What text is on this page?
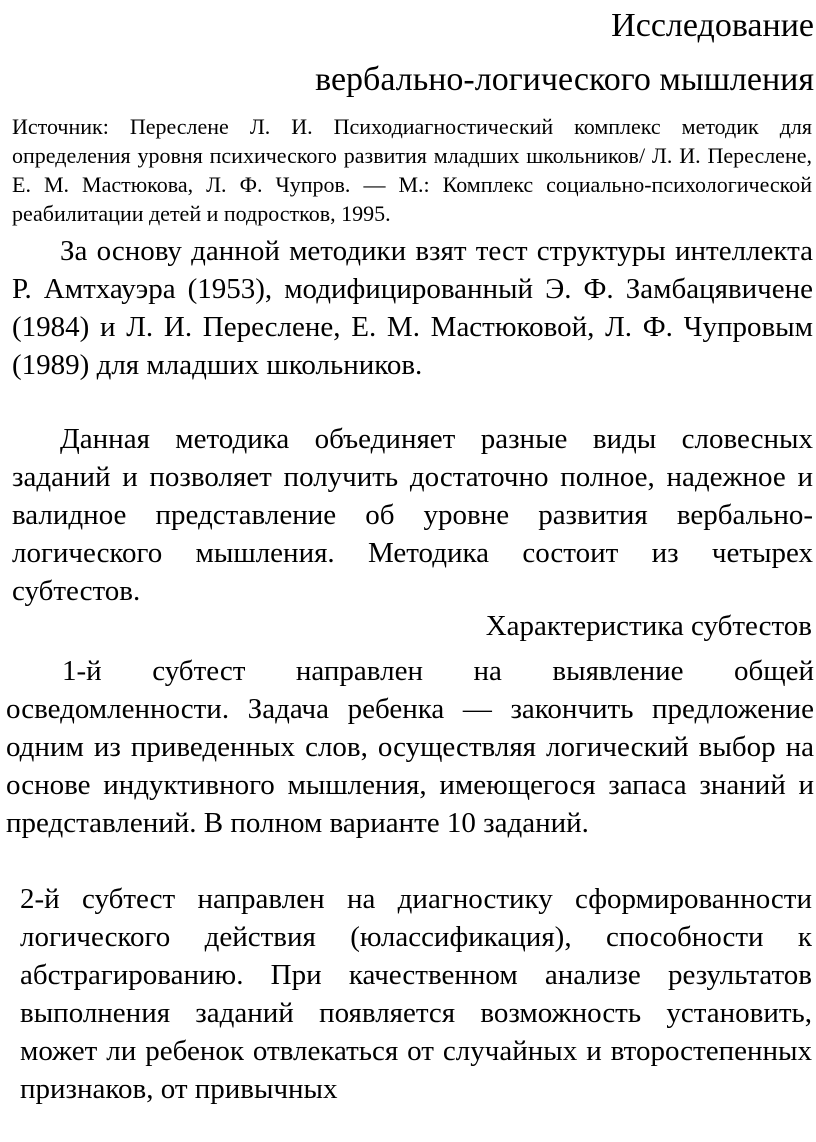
Исследование
вербально-логического мышления

Источник: Переслене Л. И. Психодиагностический комплекс методик для определения уровня психического развития младших школьников/ Л. И. Переслене, Е. М. Мастюкова, Л. Ф. Чупров. — М.: Комплекс социально-психологической реабилитации детей и подростков, 1995.

За основу данной методики взят тест структуры интеллекта Р. Амтхауэра (1953), модифицированный Э. Ф. Замбацявичене (1984) и Л. И. Переслене, Е. М. Мастюковой, Л. Ф. Чупровым (1989) для младших школьников.

Данная методика объединяет разные виды словесных заданий и позволяет получить достаточно полное, надежное и валидное представление об уровне развития вербально-логического мышления. Методика состоит из четырех субтестов.

Характеристика субтестов

1-й субтест направлен на выявление общей осведомленности. Задача ребенка — закончить предложение одним из приведенных слов, осуществляя логический выбор на основе индуктивного мышления, имеющегося запаса знаний и представлений. В полном варианте 10 заданий.

2-й субтест направлен на диагностику сформированности логического действия (юлассификация), способности к абстрагированию. При качественном анализе результатов выполнения заданий появляется возможность установить, может ли ребенок отвлекаться от случайных и второстепенных признаков, от привычных
